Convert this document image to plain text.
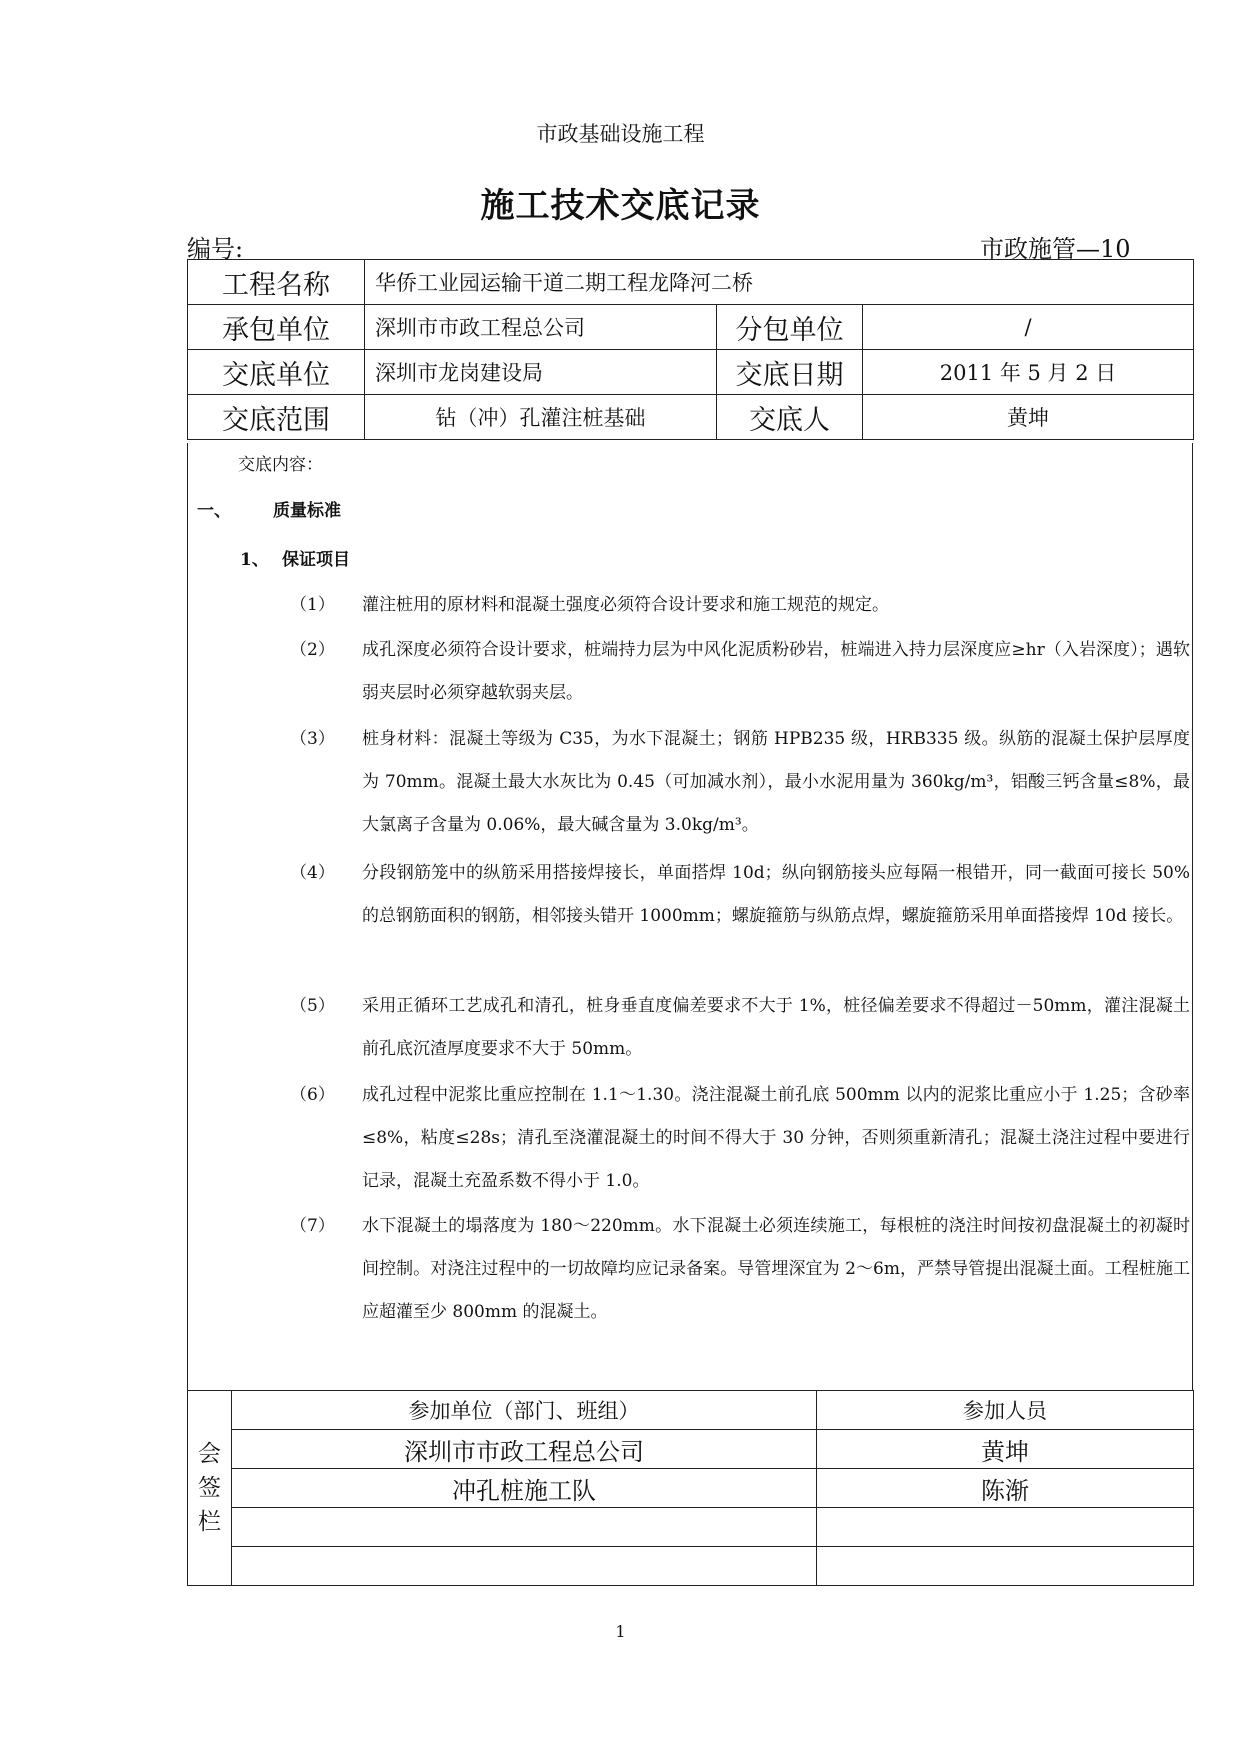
市政基础设施工程
施工技术交底记录
编号:	市政施管—10
工程名称	华侨工业园运输干道二期工程龙降河二桥		
承包单位	深圳市市政工程总公司	分包单位	/
交底单位	深圳市龙岗建设局	交底日期	2011 年 5 月 2 日
交底范围	钻（冲）孔灌注桩基础	交底人	黄坤
交底内容：
一、 质量标准
1、 保证项目
（1） 灌注桩用的原材料和混凝土强度必须符合设计要求和施工规范的规定。
（2） 成孔深度必须符合设计要求，桩端持力层为中风化泥质粉砂岩，桩端进入持力层深度应≥hr（入岩深度）；遇软弱夹层时必须穿越软弱夹层。
（3） 桩身材料：混凝土等级为 C35，为水下混凝土；钢筋 HPB235 级，HRB335 级。纵筋的混凝土保护层厚度为 70mm。混凝土最大水灰比为 0.45（可加减水剂），最小水泥用量为 360kg/m³，铝酸三钙含量≤8%，最大氯离子含量为 0.06%，最大碱含量为 3.0kg/m³。
（4） 分段钢筋笼中的纵筋采用搭接焊接长，单面搭焊 10d；纵向钢筋接头应每隔一根错开，同一截面可接长 50%的总钢筋面积的钢筋，相邻接头错开 1000mm；螺旋箍筋与纵筋点焊，螺旋箍筋采用单面搭接焊 10d 接长。
（5） 采用正循环工艺成孔和清孔，桩身垂直度偏差要求不大于 1%，桩径偏差要求不得超过－50mm，灌注混凝土前孔底沉渣厚度要求不大于 50mm。
（6） 成孔过程中泥浆比重应控制在 1.1～1.30。浇注混凝土前孔底 500mm 以内的泥浆比重应小于 1.25；含砂率≤8%，粘度≤28s；清孔至浇灌混凝土的时间不得大于 30 分钟，否则须重新清孔；混凝土浇注过程中要进行记录，混凝土充盈系数不得小于 1.0。
（7） 水下混凝土的塌落度为 180～220mm。水下混凝土必须连续施工，每根桩的浇注时间按初盘混凝土的初凝时间控制。对浇注过程中的一切故障均应记录备案。导管埋深宜为 2～6m，严禁导管提出混凝土面。工程桩施工应超灌至少 800mm 的混凝土。
会
签
栏	参加单位（部门、班组）	参加人员
	深圳市市政工程总公司	黄坤
	冲孔桩施工队	陈渐

1
